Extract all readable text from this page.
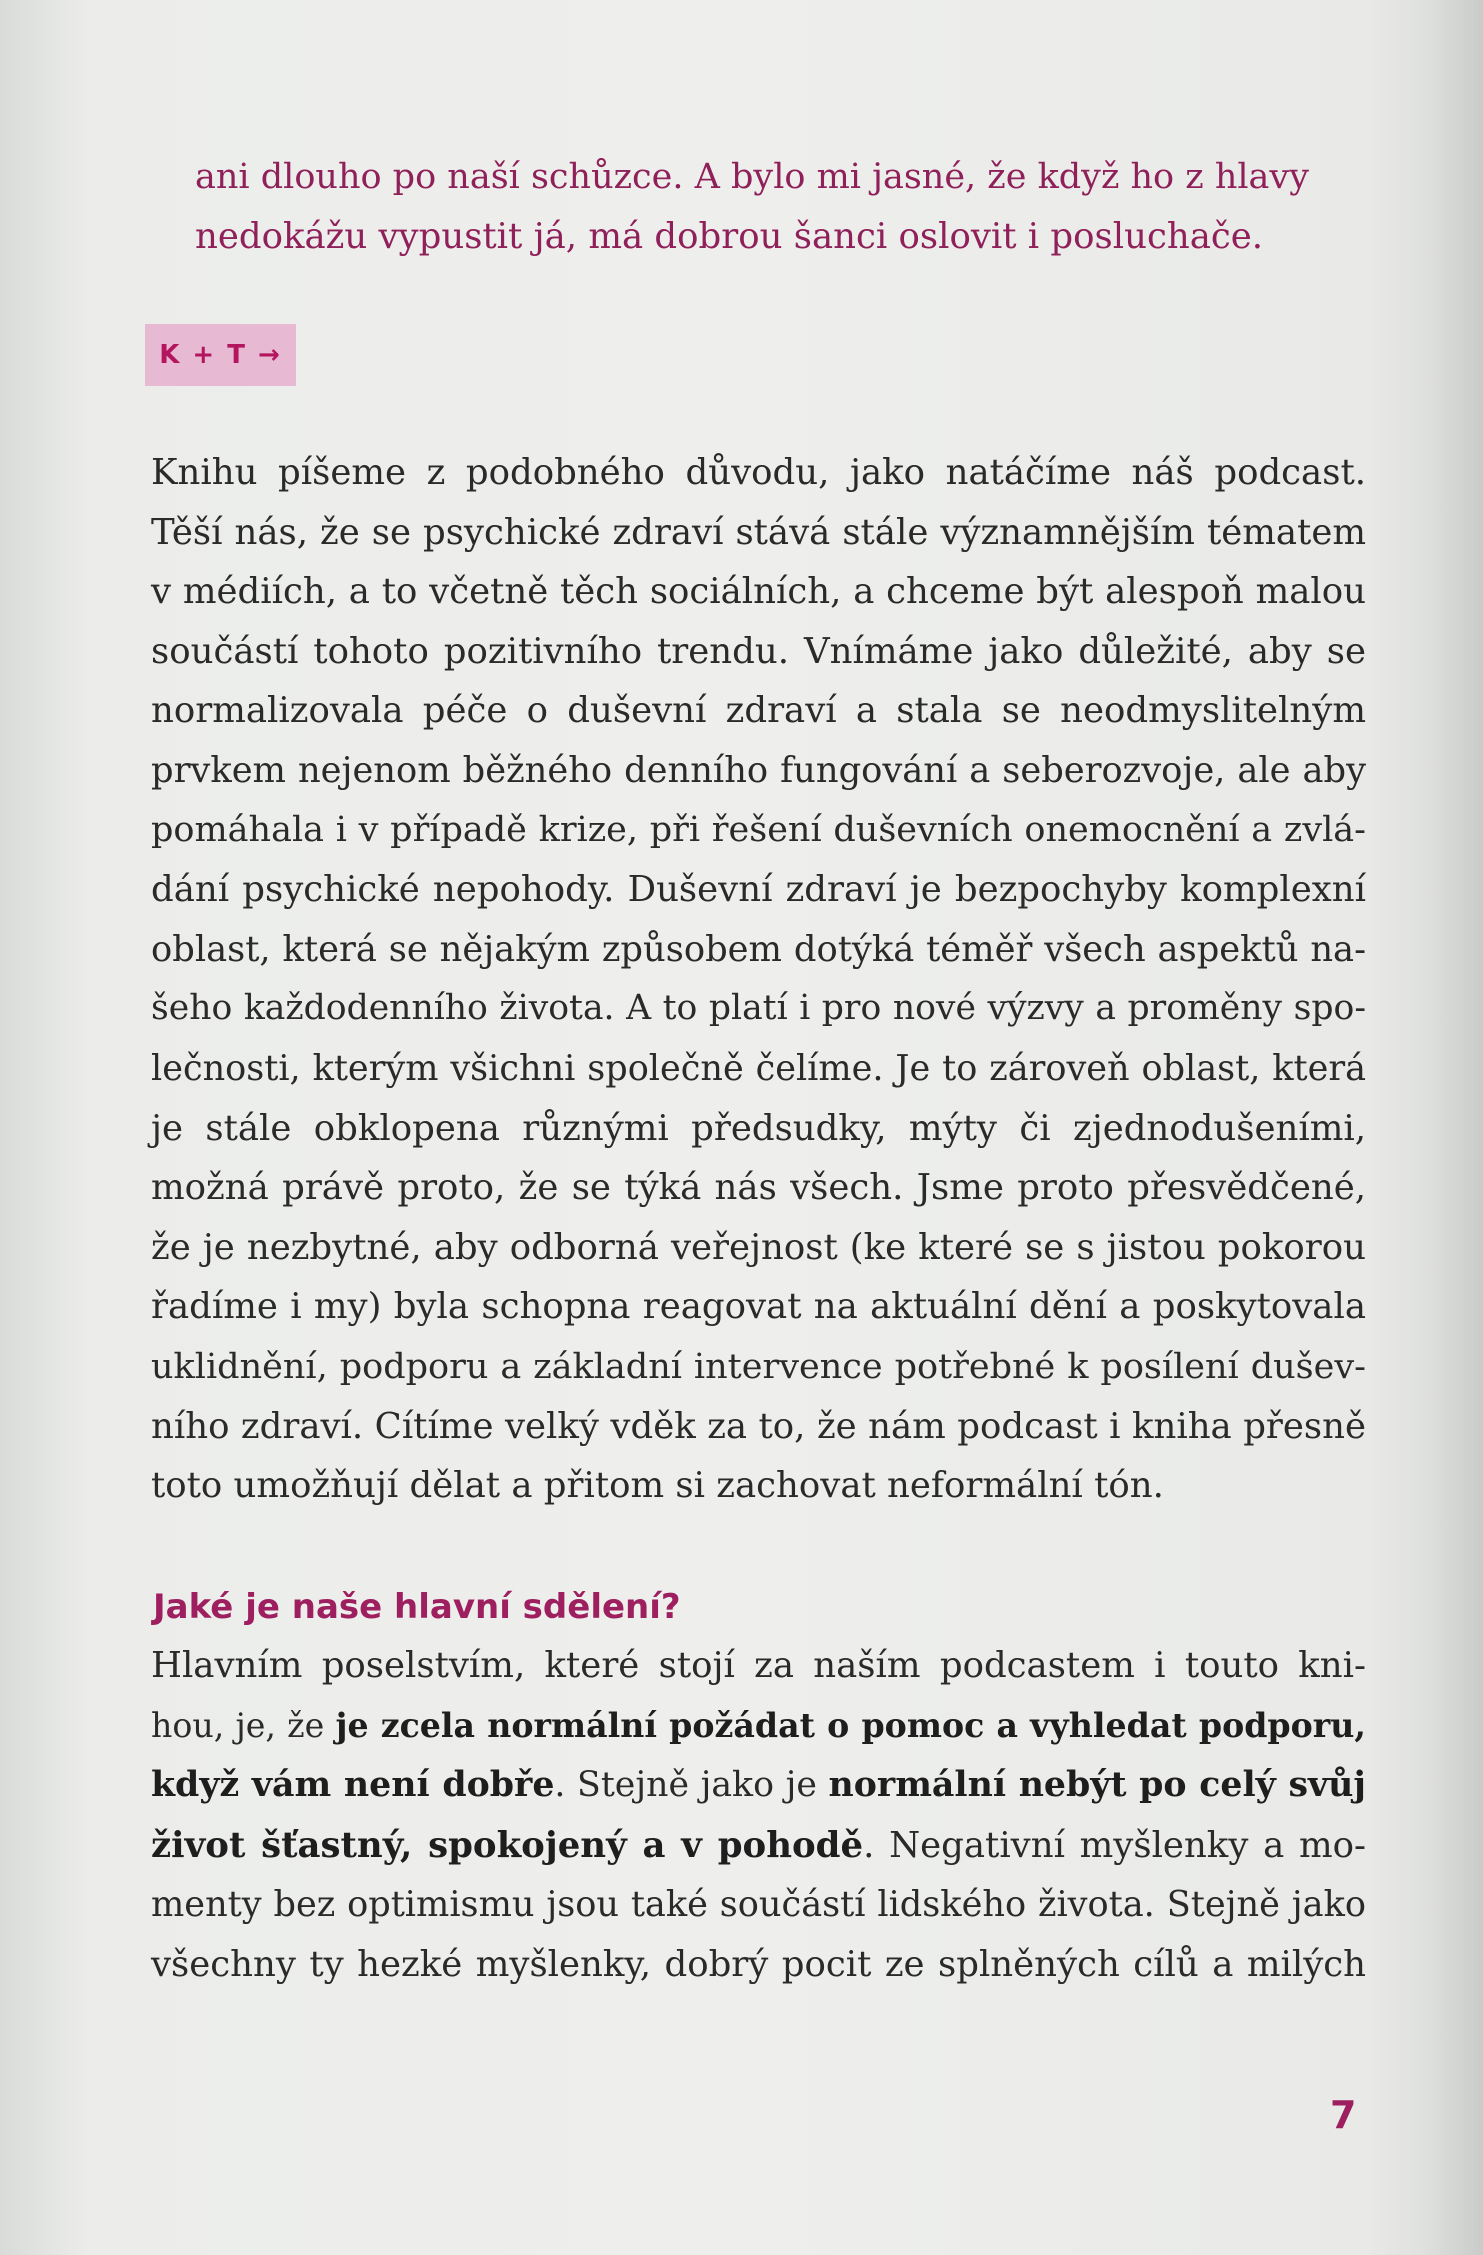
ani dlouho po naší schůzce. A bylo mi jasné, že když ho z hlavy
nedokážu vypustit já, má dobrou šanci oslovit i posluchače.

K + T →

Knihu píšeme z podobného důvodu, jako natáčíme náš podcast.
Těší nás, že se psychické zdraví stává stále významnějším tématem
v médiích, a to včetně těch sociálních, a chceme být alespoň malou
součástí tohoto pozitivního trendu. Vnímáme jako důležité, aby se
normalizovala péče o duševní zdraví a stala se neodmyslitelným
prvkem nejenom běžného denního fungování a seberozvoje, ale aby
pomáhala i v případě krize, při řešení duševních onemocnění a zvlá-
dání psychické nepohody. Duševní zdraví je bezpochyby komplexní
oblast, která se nějakým způsobem dotýká téměř všech aspektů na-
šeho každodenního života. A to platí i pro nové výzvy a proměny spo-
lečnosti, kterým všichni společně čelíme. Je to zároveň oblast, která
je stále obklopena různými předsudky, mýty či zjednodušeními,
možná právě proto, že se týká nás všech. Jsme proto přesvědčené,
že je nezbytné, aby odborná veřejnost (ke které se s jistou pokorou
řadíme i my) byla schopna reagovat na aktuální dění a poskytovala
uklidnění, podporu a základní intervence potřebné k posílení dušev-
ního zdraví. Cítíme velký vděk za to, že nám podcast i kniha přesně
toto umožňují dělat a přitom si zachovat neformální tón.

Jaké je naše hlavní sdělení?

Hlavním poselstvím, které stojí za naším podcastem i touto kni-
hou, je, že je zcela normální požádat o pomoc a vyhledat podporu,
když vám není dobře. Stejně jako je normální nebýt po celý svůj
život šťastný, spokojený a v pohodě. Negativní myšlenky a mo-
menty bez optimismu jsou také součástí lidského života. Stejně jako
všechny ty hezké myšlenky, dobrý pocit ze splněných cílů a milých

7
